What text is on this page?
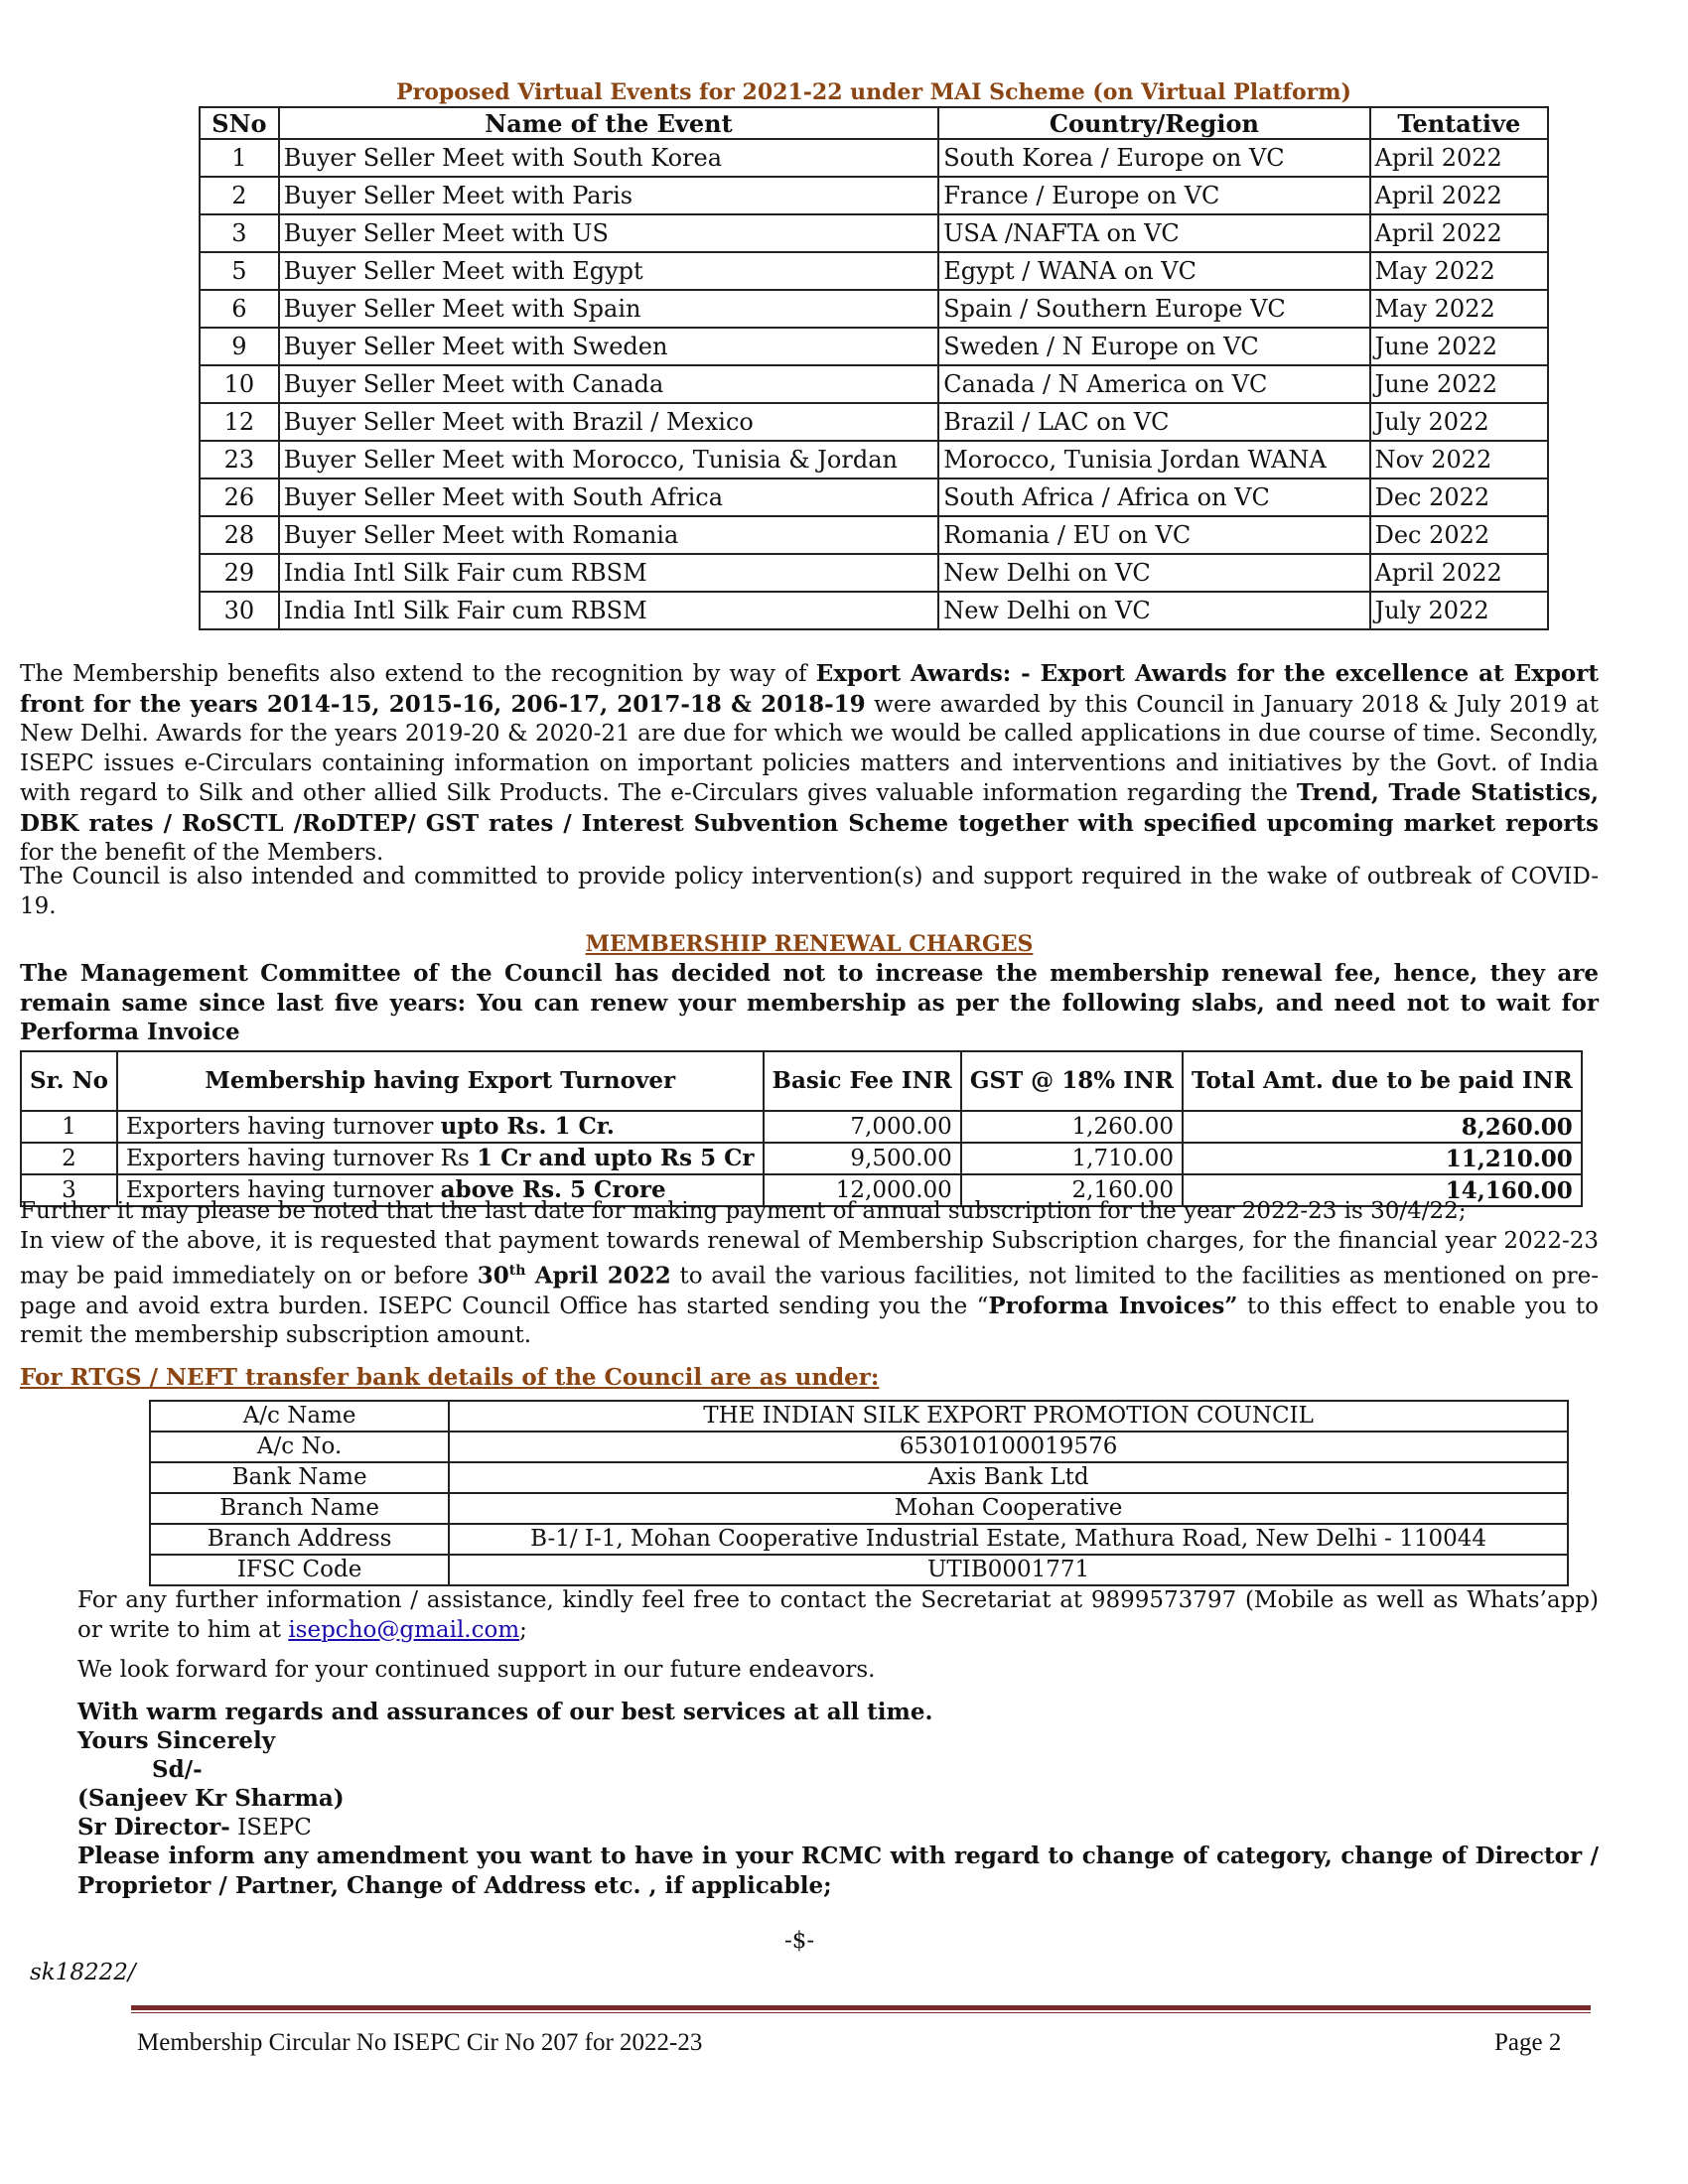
Proposed Virtual Events for 2021-22 under MAI Scheme (on Virtual Platform)
SNo	Name of the Event	Country/Region	Tentative
1	Buyer Seller Meet with South Korea	South Korea / Europe on VC	April 2022
2	Buyer Seller Meet with Paris	France / Europe on VC	April 2022
3	Buyer Seller Meet with US	USA /NAFTA on VC	April 2022
5	Buyer Seller Meet with Egypt	Egypt / WANA on VC	May 2022
6	Buyer Seller Meet with Spain	Spain / Southern Europe VC	May 2022
9	Buyer Seller Meet with Sweden	Sweden / N Europe on VC	June 2022
10	Buyer Seller Meet with Canada	Canada / N America on VC	June 2022
12	Buyer Seller Meet with Brazil / Mexico	Brazil / LAC on VC	July 2022
23	Buyer Seller Meet with Morocco, Tunisia & Jordan	Morocco, Tunisia Jordan WANA	Nov 2022
26	Buyer Seller Meet with South Africa	South Africa / Africa on VC	Dec 2022
28	Buyer Seller Meet with Romania	Romania / EU on VC	Dec 2022
29	India Intl Silk Fair cum RBSM	New Delhi on VC	April 2022
30	India Intl Silk Fair cum RBSM	New Delhi on VC	July 2022
The Membership benefits also extend to the recognition by way of Export Awards: - Export Awards for the excellence at Export front for the years 2014-15, 2015-16, 206-17, 2017-18 & 2018-19 were awarded by this Council in January 2018 & July 2019 at New Delhi. Awards for the years 2019-20 & 2020-21 are due for which we would be called applications in due course of time. Secondly, ISEPC issues e-Circulars containing information on important policies matters and interventions and initiatives by the Govt. of India with regard to Silk and other allied Silk Products. The e-Circulars gives valuable information regarding the Trend, Trade Statistics, DBK rates / RoSCTL /RoDTEP/ GST rates / Interest Subvention Scheme together with specified upcoming market reports for the benefit of the Members.
The Council is also intended and committed to provide policy intervention(s) and support required in the wake of outbreak of COVID-19.
MEMBERSHIP RENEWAL CHARGES
The Management Committee of the Council has decided not to increase the membership renewal fee, hence, they are remain same since last five years: You can renew your membership as per the following slabs, and need not to wait for Performa Invoice
Sr. No	Membership having Export Turnover	Basic Fee INR	GST @ 18% INR	Total Amt. due to be paid INR
1	Exporters having turnover upto Rs. 1 Cr.	7,000.00	1,260.00	8,260.00
2	Exporters having turnover Rs 1 Cr and upto Rs 5 Cr	9,500.00	1,710.00	11,210.00
3	Exporters having turnover above Rs. 5 Crore	12,000.00	2,160.00	14,160.00
Further it may please be noted that the last date for making payment of annual subscription for the year 2022-23 is 30/4/22;
In view of the above, it is requested that payment towards renewal of Membership Subscription charges, for the financial year 2022-23 may be paid immediately on or before 30th April 2022 to avail the various facilities, not limited to the facilities as mentioned on pre-page and avoid extra burden. ISEPC Council Office has started sending you the “Proforma Invoices” to this effect to enable you to remit the membership subscription amount.
For RTGS / NEFT transfer bank details of the Council are as under:
A/c Name	THE INDIAN SILK EXPORT PROMOTION COUNCIL
A/c No.	653010100019576
Bank Name	Axis Bank Ltd
Branch Name	Mohan Cooperative
Branch Address	B-1/ I-1, Mohan Cooperative Industrial Estate, Mathura Road, New Delhi - 110044
IFSC Code	UTIB0001771
For any further information / assistance, kindly feel free to contact the Secretariat at 9899573797 (Mobile as well as Whats’app) or write to him at isepcho@gmail.com;
We look forward for your continued support in our future endeavors.
With warm regards and assurances of our best services at all time.
Yours Sincerely
Sd/-
(Sanjeev Kr Sharma)
Sr Director- ISEPC
Please inform any amendment you want to have in your RCMC with regard to change of category, change of Director / Proprietor / Partner, Change of Address etc. , if applicable;
-$-
sk18222/
Membership Circular No ISEPC Cir No 207 for 2022-23	Page 2
